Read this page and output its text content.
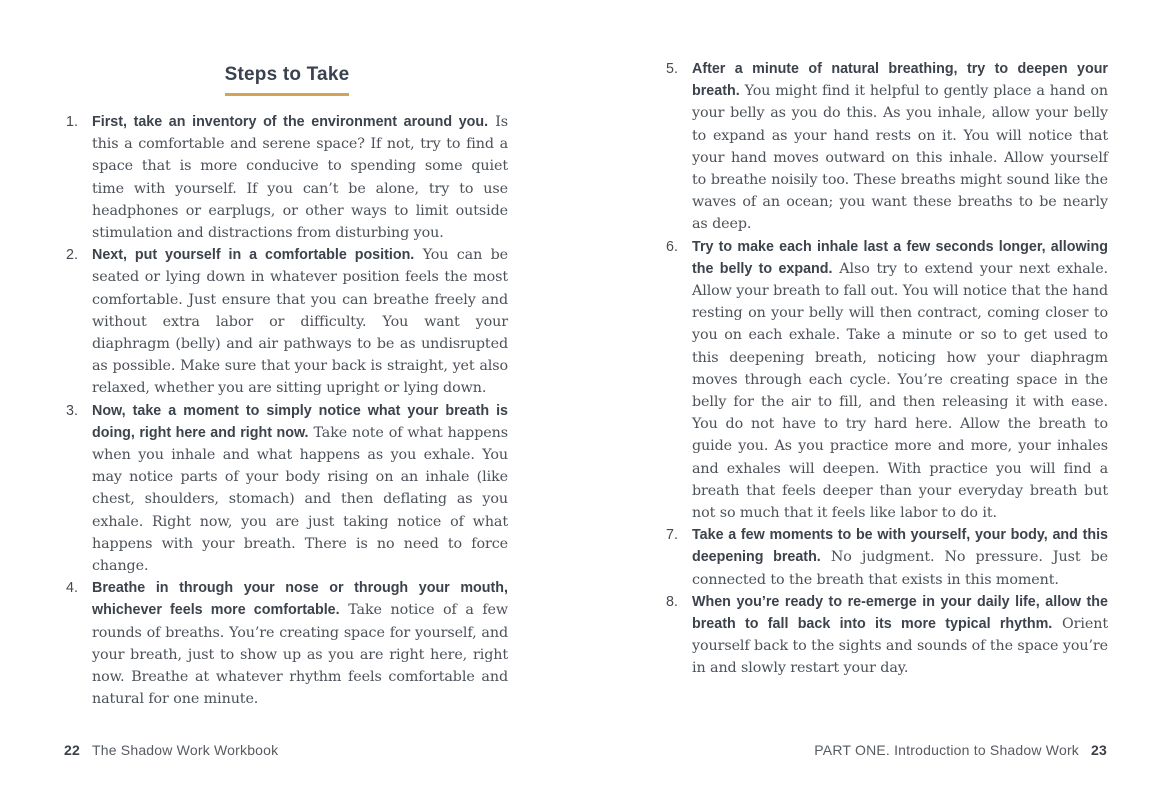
Steps to Take
1. First, take an inventory of the environment around you. Is this a comfortable and serene space? If not, try to find a space that is more conducive to spending some quiet time with yourself. If you can’t be alone, try to use headphones or earplugs, or other ways to limit outside stimulation and distractions from disturbing you.

2. Next, put yourself in a comfortable position. You can be seated or lying down in whatever position feels the most comfortable. Just ensure that you can breathe freely and without extra labor or difficulty. You want your diaphragm (belly) and air pathways to be as undisrupted as possible. Make sure that your back is straight, yet also relaxed, whether you are sitting upright or lying down.

3. Now, take a moment to simply notice what your breath is doing, right here and right now. Take note of what happens when you inhale and what happens as you exhale. You may notice parts of your body rising on an inhale (like chest, shoulders, stomach) and then deflating as you exhale. Right now, you are just taking notice of what happens with your breath. There is no need to force change.

4. Breathe in through your nose or through your mouth, whichever feels more comfortable. Take notice of a few rounds of breaths. You’re creating space for yourself, and your breath, just to show up as you are right here, right now. Breathe at whatever rhythm feels comfortable and natural for one minute.

5. After a minute of natural breathing, try to deepen your breath. You might find it helpful to gently place a hand on your belly as you do this. As you inhale, allow your belly to expand as your hand rests on it. You will notice that your hand moves outward on this inhale. Allow yourself to breathe noisily too. These breaths might sound like the waves of an ocean; you want these breaths to be nearly as deep.

6. Try to make each inhale last a few seconds longer, allowing the belly to expand. Also try to extend your next exhale. Allow your breath to fall out. You will notice that the hand resting on your belly will then contract, coming closer to you on each exhale. Take a minute or so to get used to this deepening breath, noticing how your diaphragm moves through each cycle. You’re creating space in the belly for the air to fill, and then releasing it with ease. You do not have to try hard here. Allow the breath to guide you. As you practice more and more, your inhales and exhales will deepen. With practice you will find a breath that feels deeper than your everyday breath but not so much that it feels like labor to do it.

7. Take a few moments to be with yourself, your body, and this deepening breath. No judgment. No pressure. Just be connected to the breath that exists in this moment.

8. When you’re ready to re-emerge in your daily life, allow the breath to fall back into its more typical rhythm. Orient yourself back to the sights and sounds of the space you’re in and slowly restart your day.

22 The Shadow Work Workbook	PART ONE. Introduction to Shadow Work 23
